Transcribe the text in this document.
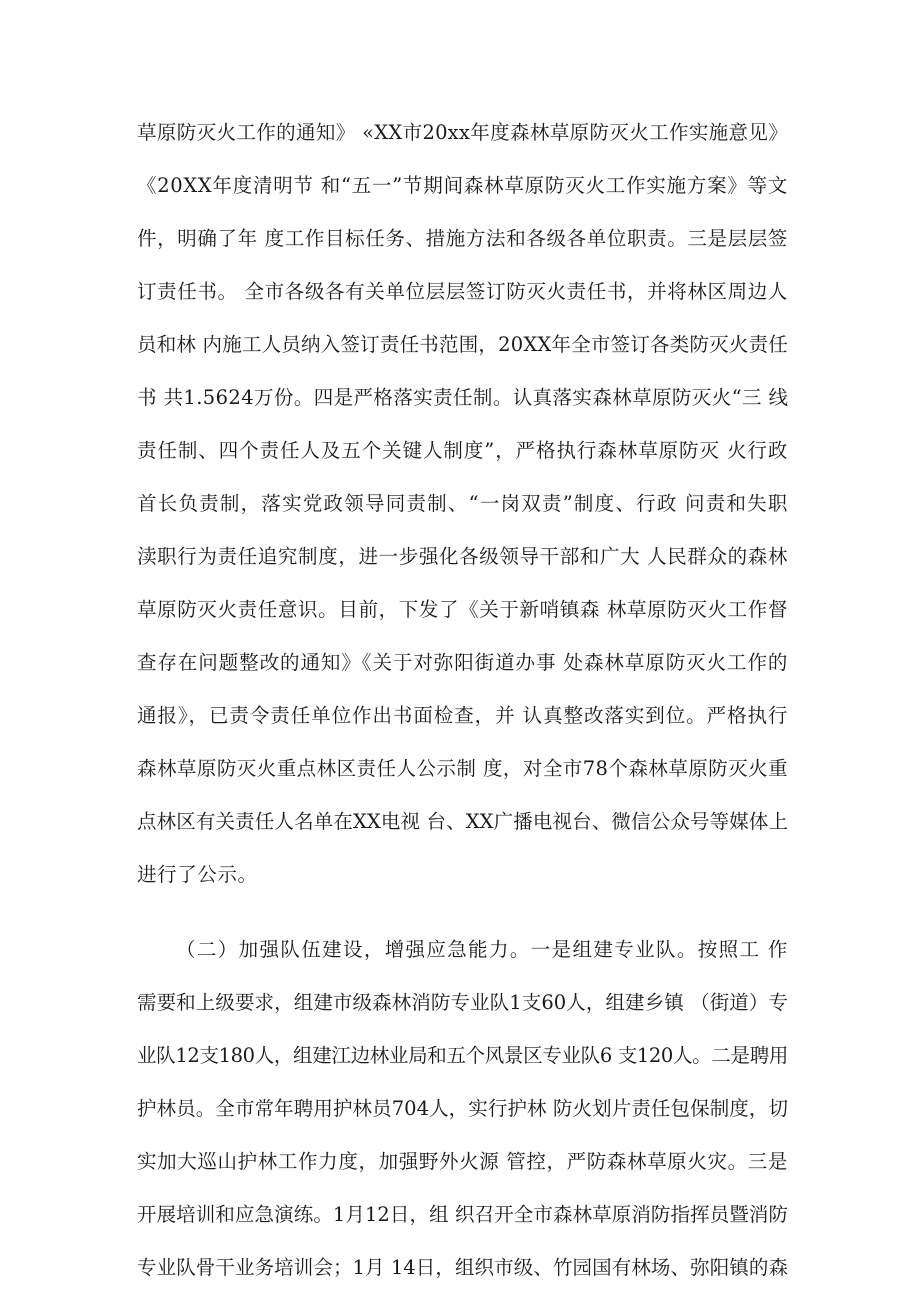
草原防灭火工作的通知》 «XX市20xx年度森林草原防灭火工作实施意见》

《20XX年度清明节 和“五一”节期间森林草原防灭火工作实施方案》等文

件，明确了年 度工作目标任务、措施方法和各级各单位职责。三是层层签

订责任书。 全市各级各有关单位层层签订防灭火责任书，并将林区周边人

员和林 内施工人员纳入签订责任书范围，20XX年全市签订各类防灭火责任

书 共1.5624万份。四是严格落实责任制。认真落实森林草原防灭火“三 线

责任制、四个责任人及五个关键人制度”，严格执行森林草原防灭 火行政

首长负责制，落实党政领导同责制、“一岗双责”制度、行政 问责和失职

渎职行为责任追究制度，进一步强化各级领导干部和广大 人民群众的森林

草原防灭火责任意识。目前，下发了《关于新哨镇森 林草原防灭火工作督

查存在问题整改的通知》《关于对弥阳街道办事 处森林草原防灭火工作的

通报》，已责令责任单位作出书面检查，并 认真整改落实到位。严格执行

森林草原防灭火重点林区责任人公示制 度，对全市78个森林草原防灭火重

点林区有关责任人名单在XX电视 台、XX广播电视台、微信公众号等媒体上

进行了公示。

（二）加强队伍建设，增强应急能力。一是组建专业队。按照工 作

需要和上级要求，组建市级森林消防专业队1支60人，组建乡镇 （街道）专

业队12支180人，组建江边林业局和五个风景区专业队6 支120人。二是聘用

护林员。全市常年聘用护林员704人，实行护林 防火划片责任包保制度，切

实加大巡山护林工作力度，加强野外火源 管控，严防森林草原火灾。三是

开展培训和应急演练。1月12日，组 织召开全市森林草原消防指挥员暨消防

专业队骨干业务培训会；1月 14日，组织市级、竹园国有林场、弥阳镇的森
